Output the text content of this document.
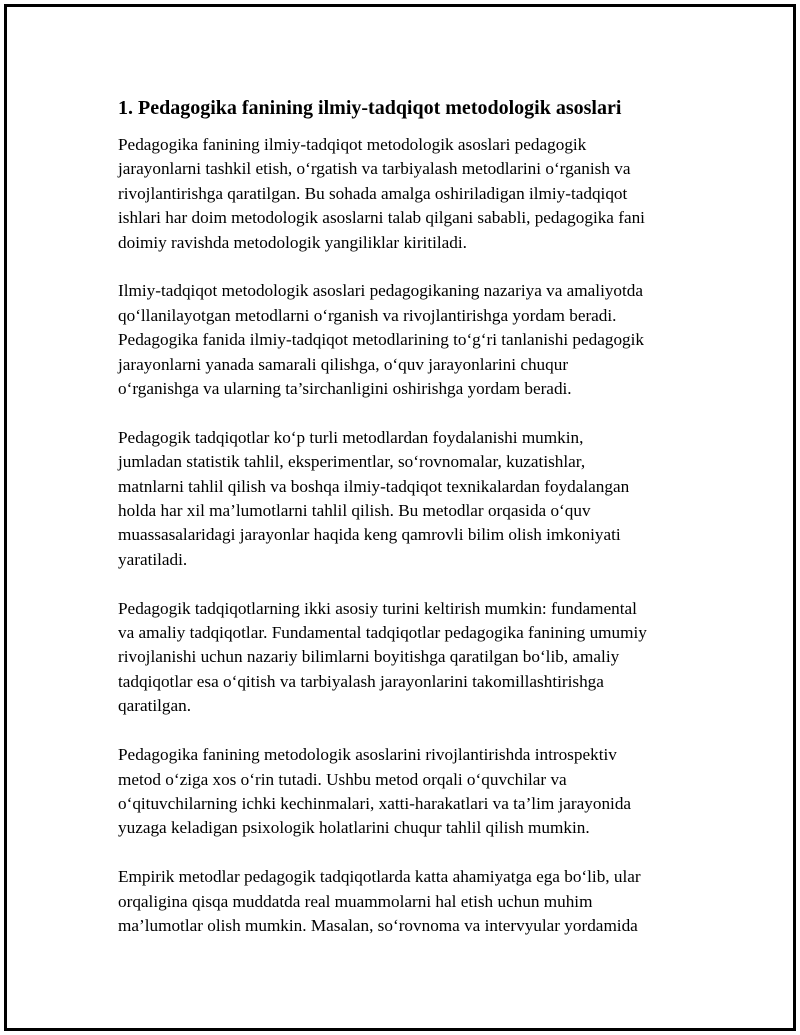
1. Pedagogika fanining ilmiy-tadqiqot metodologik asoslari

Pedagogika fanining ilmiy-tadqiqot metodologik asoslari pedagogik
jarayonlarni tashkil etish, o‘rgatish va tarbiyalash metodlarini o‘rganish va
rivojlantirishga qaratilgan. Bu sohada amalga oshiriladigan ilmiy-tadqiqot
ishlari har doim metodologik asoslarni talab qilgani sababli, pedagogika fani
doimiy ravishda metodologik yangiliklar kiritiladi.

Ilmiy-tadqiqot metodologik asoslari pedagogikaning nazariya va amaliyotda
qo‘llanilayotgan metodlarni o‘rganish va rivojlantirishga yordam beradi.
Pedagogika fanida ilmiy-tadqiqot metodlarining to‘g‘ri tanlanishi pedagogik
jarayonlarni yanada samarali qilishga, o‘quv jarayonlarini chuqur
o‘rganishga va ularning ta’sirchanligini oshirishga yordam beradi.

Pedagogik tadqiqotlar ko‘p turli metodlardan foydalanishi mumkin,
jumladan statistik tahlil, eksperimentlar, so‘rovnomalar, kuzatishlar,
matnlarni tahlil qilish va boshqa ilmiy-tadqiqot texnikalardan foydalangan
holda har xil ma’lumotlarni tahlil qilish. Bu metodlar orqasida o‘quv
muassasalaridagi jarayonlar haqida keng qamrovli bilim olish imkoniyati
yaratiladi.

Pedagogik tadqiqotlarning ikki asosiy turini keltirish mumkin: fundamental
va amaliy tadqiqotlar. Fundamental tadqiqotlar pedagogika fanining umumiy
rivojlanishi uchun nazariy bilimlarni boyitishga qaratilgan bo‘lib, amaliy
tadqiqotlar esa o‘qitish va tarbiyalash jarayonlarini takomillashtirishga
qaratilgan.

Pedagogika fanining metodologik asoslarini rivojlantirishda introspektiv
metod o‘ziga xos o‘rin tutadi. Ushbu metod orqali o‘quvchilar va
o‘qituvchilarning ichki kechinmalari, xatti-harakatlari va ta’lim jarayonida
yuzaga keladigan psixologik holatlarini chuqur tahlil qilish mumkin.

Empirik metodlar pedagogik tadqiqotlarda katta ahamiyatga ega bo‘lib, ular
orqaligina qisqa muddatda real muammolarni hal etish uchun muhim
ma’lumotlar olish mumkin. Masalan, so‘rovnoma va intervyular yordamida
